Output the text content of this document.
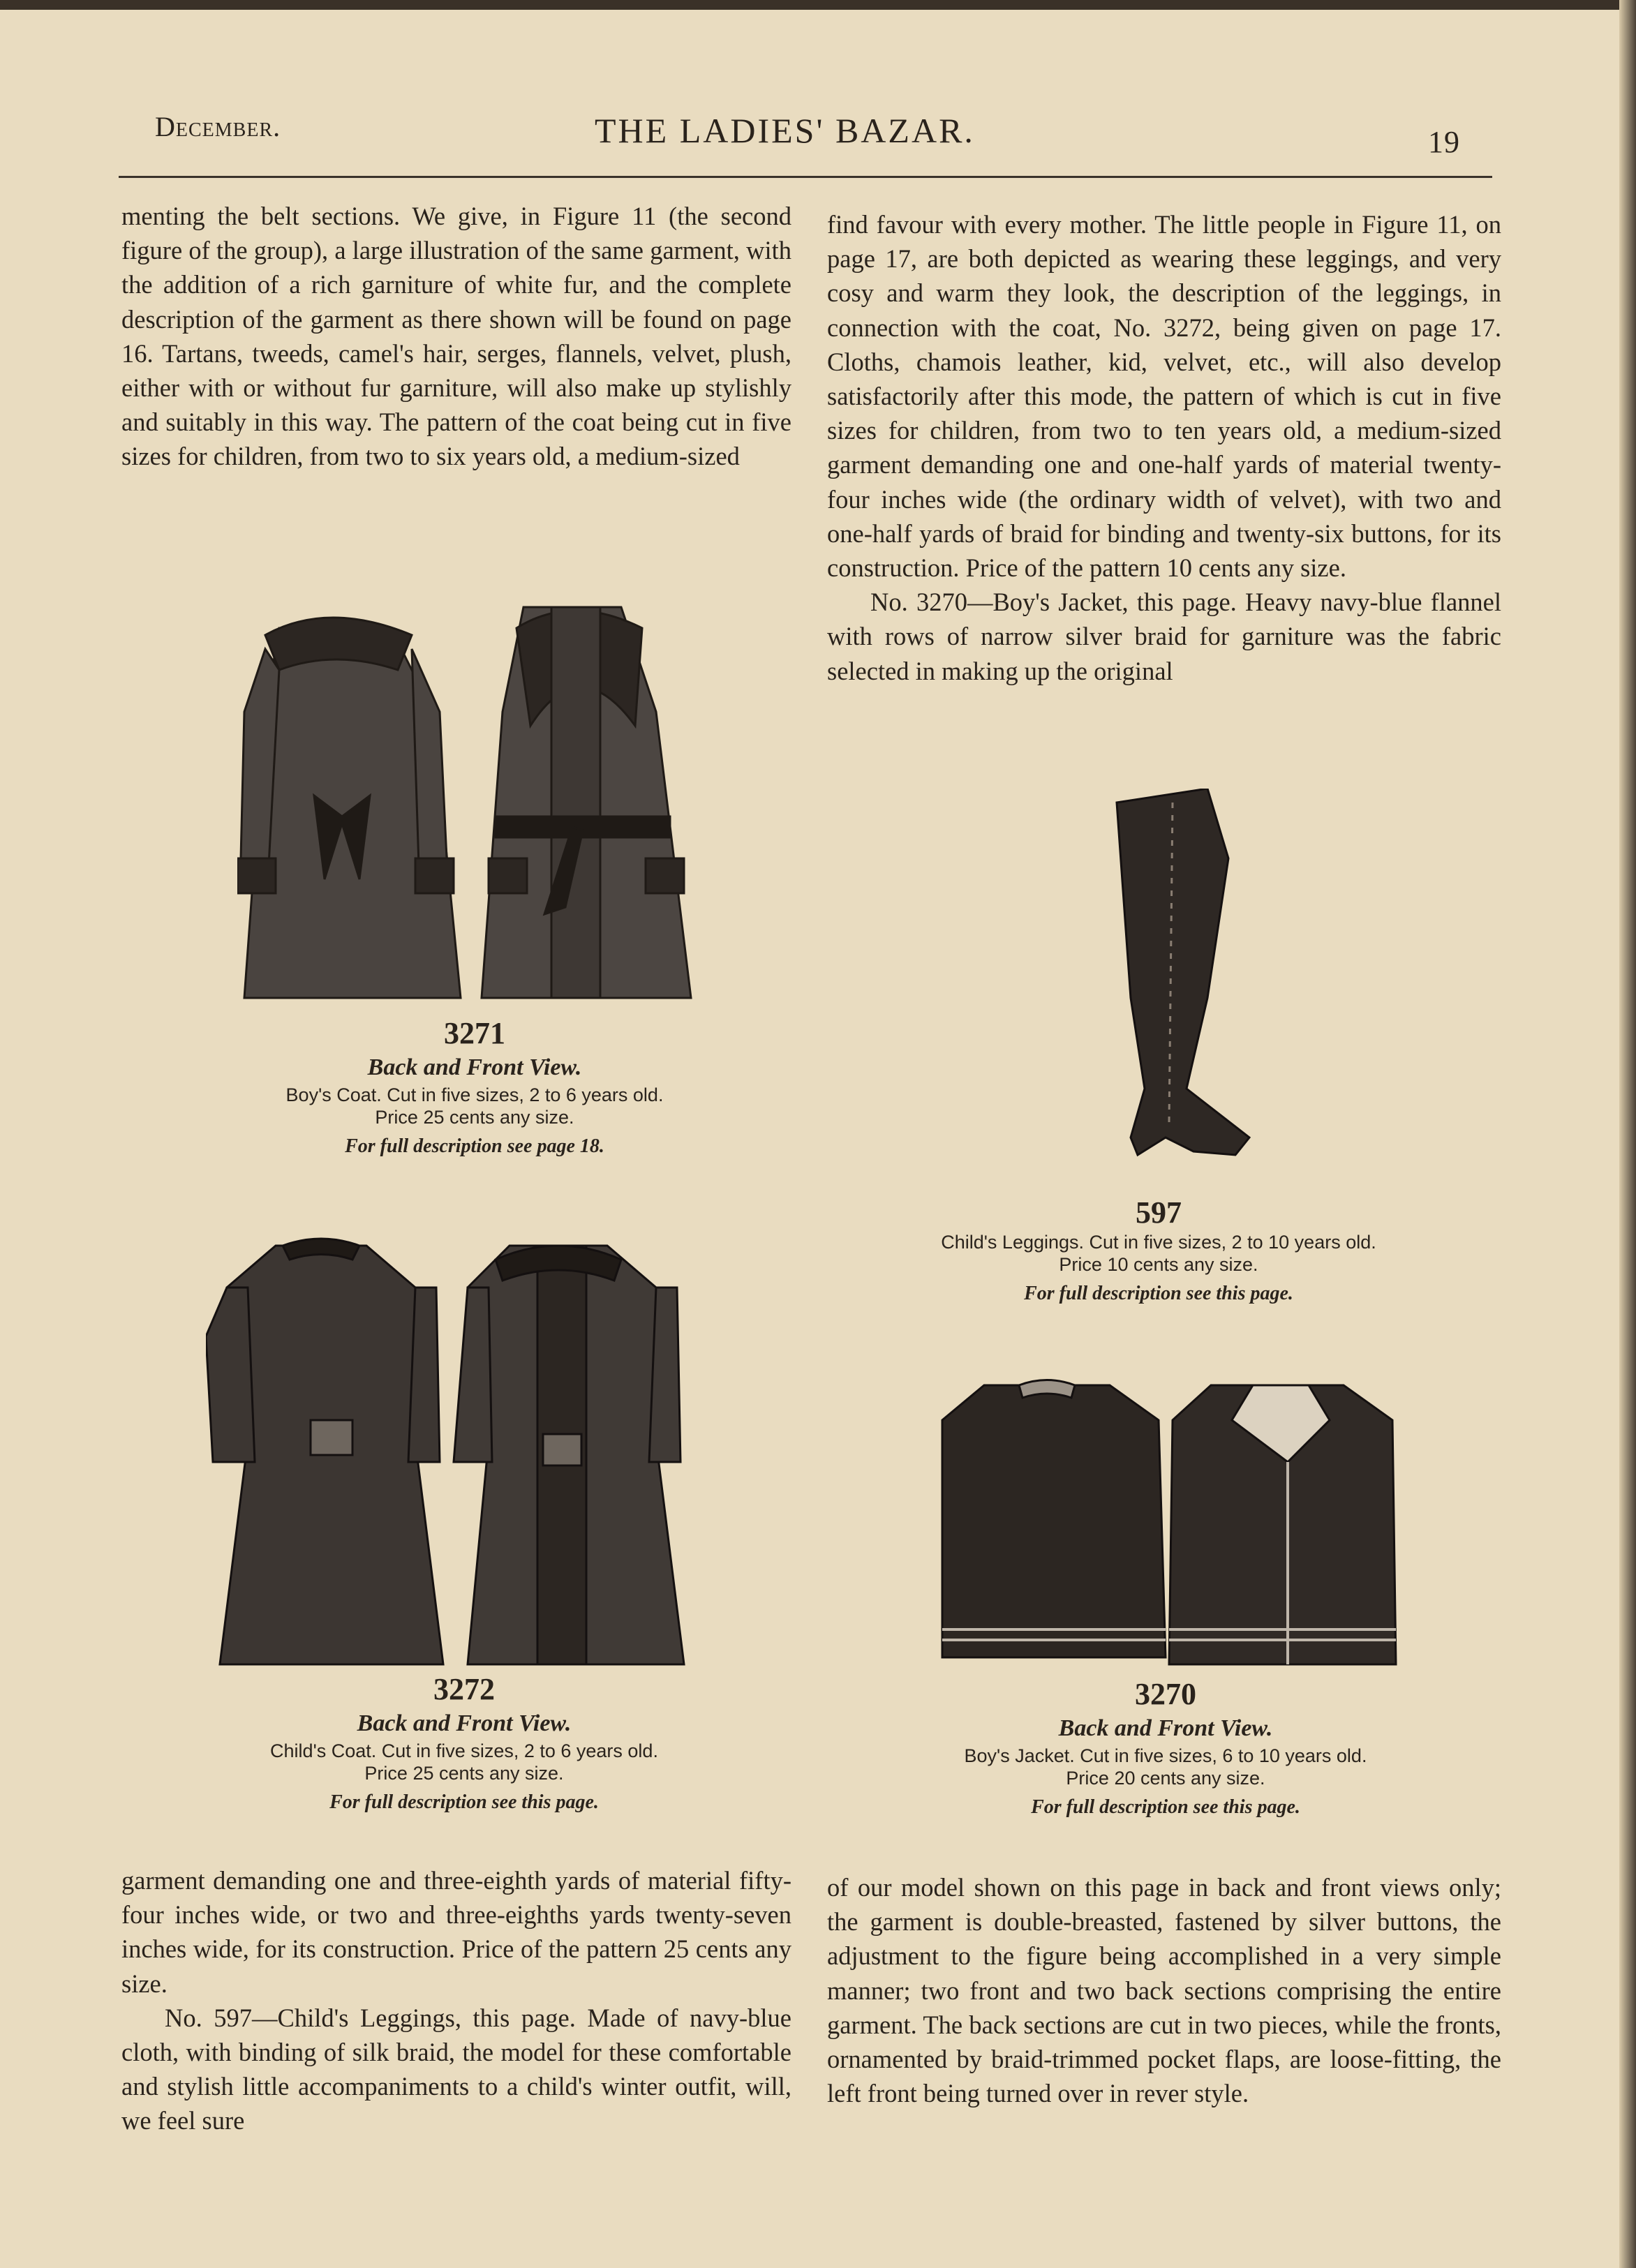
December.	THE LADIES' BAZAR.	19

menting the belt sections. We give, in Figure 11 (the second figure of the group), a large illustration of the same garment, with the addition of a rich garniture of white fur, and the complete description of the garment as there shown will be found on page 16. Tartans, tweeds, camel's hair, serges, flannels, velvet, plush, either with or without fur garniture, will also make up stylishly and suitably in this way. The pattern of the coat being cut in five sizes for children, from two to six years old, a medium-sized

find favour with every mother. The little people in Figure 11, on page 17, are both depicted as wearing these leggings, and very cosy and warm they look, the description of the leggings, in connection with the coat, No. 3272, being given on page 17. Cloths, chamois leather, kid, velvet, etc., will also develop satisfactorily after this mode, the pattern of which is cut in five sizes for children, from two to ten years old, a medium-sized garment demanding one and one-half yards of material twenty-four inches wide (the ordinary width of velvet), with two and one-half yards of braid for binding and twenty-six buttons, for its construction. Price of the pattern 10 cents any size.

No. 3270—Boy's Jacket, this page. Heavy navy-blue flannel with rows of narrow silver braid for garniture was the fabric selected in making up the original

3271
Back and Front View.
Boy's Coat. Cut in five sizes, 2 to 6 years old.
Price 25 cents any size.
For full description see page 18.
597
Child's Leggings. Cut in five sizes, 2 to 10 years old.
Price 10 cents any size.
For full description see this page.
3272
Back and Front View.
Child's Coat. Cut in five sizes, 2 to 6 years old.
Price 25 cents any size.
For full description see this page.
3270
Back and Front View.
Boy's Jacket. Cut in five sizes, 6 to 10 years old.
Price 20 cents any size.
For full description see this page.

garment demanding one and three-eighth yards of material fifty-four inches wide, or two and three-eighths yards twenty-seven inches wide, for its construction. Price of the pattern 25 cents any size.

No. 597—Child's Leggings, this page. Made of navy-blue cloth, with binding of silk braid, the model for these comfortable and stylish little accompaniments to a child's winter outfit, will, we feel sure

of our model shown on this page in back and front views only; the garment is double-breasted, fastened by silver buttons, the adjustment to the figure being accomplished in a very simple manner; two front and two back sections comprising the entire garment. The back sections are cut in two pieces, while the fronts, ornamented by braid-trimmed pocket flaps, are loose-fitting, the left front being turned over in rever style.
